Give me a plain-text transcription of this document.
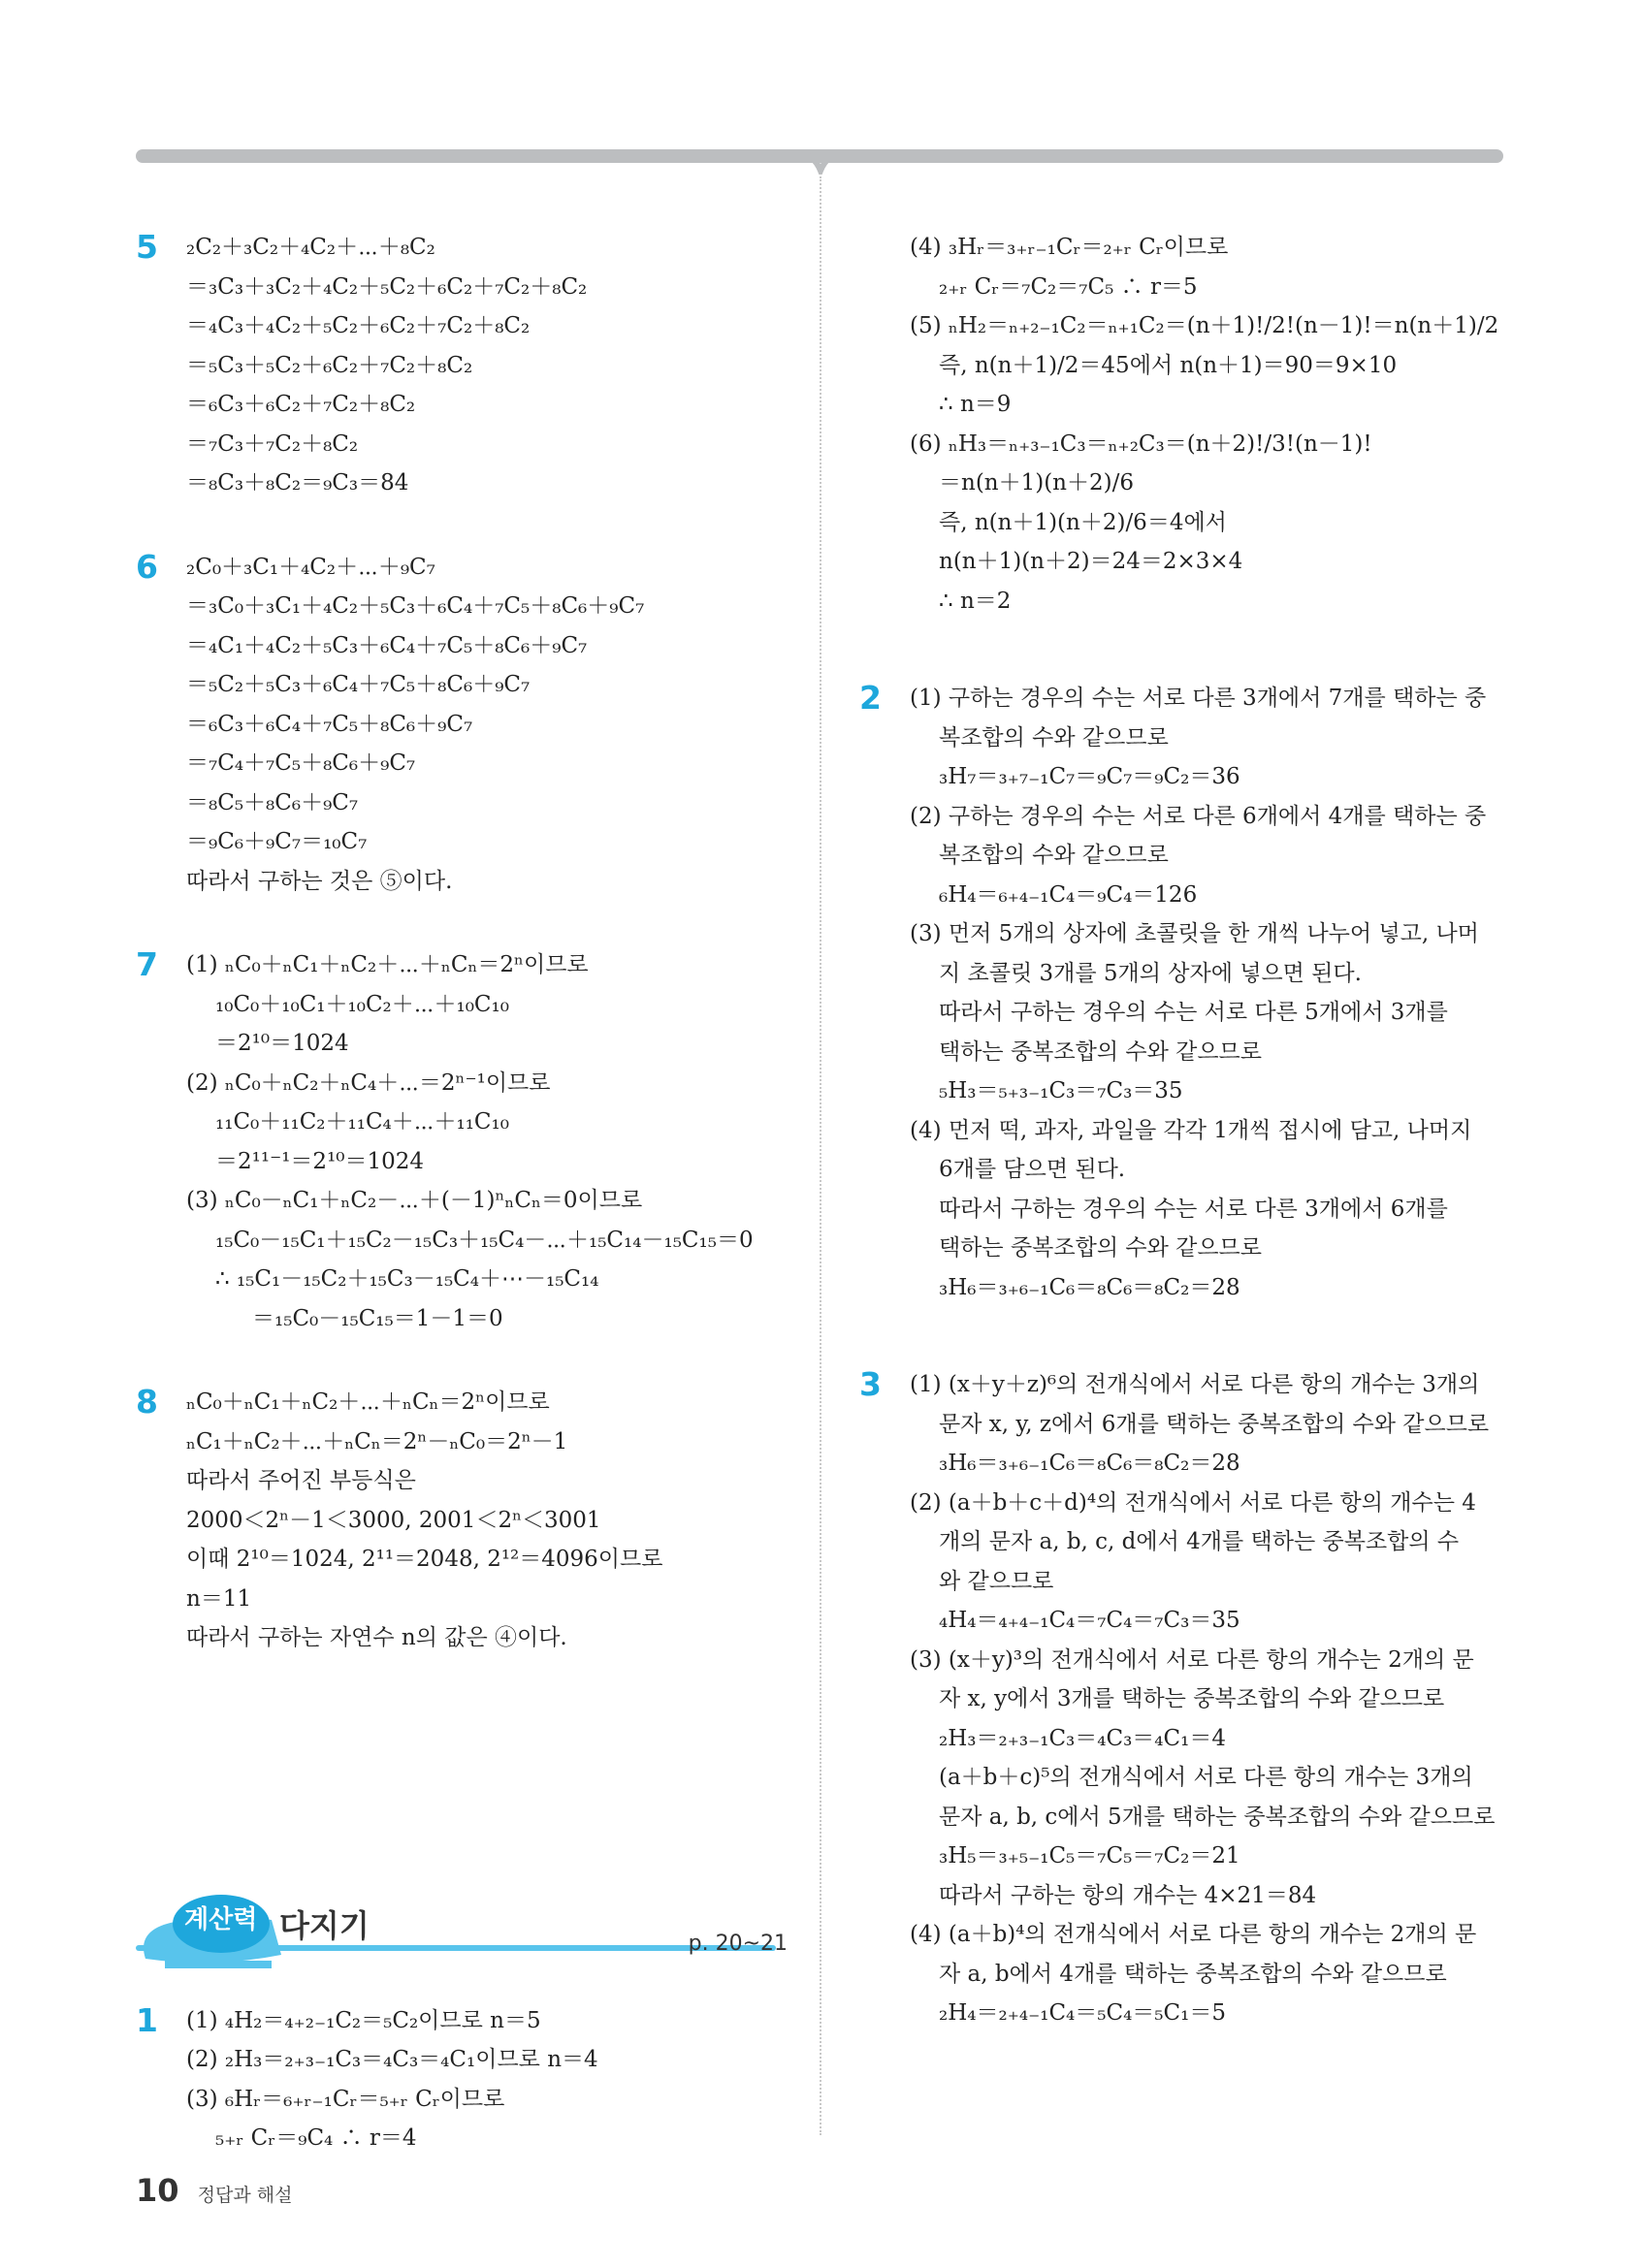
5 ₂C₂＋₃C₂＋₄C₂＋⋯＋₈C₂
＝₃C₃＋₃C₂＋₄C₂＋₅C₂＋₆C₂＋₇C₂＋₈C₂
＝₄C₃＋₄C₂＋₅C₂＋₆C₂＋₇C₂＋₈C₂
＝₅C₃＋₅C₂＋₆C₂＋₇C₂＋₈C₂
＝₆C₃＋₆C₂＋₇C₂＋₈C₂
＝₇C₃＋₇C₂＋₈C₂
＝₈C₃＋₈C₂＝₉C₃＝84
6 ₂C₀＋₃C₁＋₄C₂＋⋯＋₉C₇
＝₃C₀＋₃C₁＋₄C₂＋₅C₃＋₆C₄＋₇C₅＋₈C₆＋₉C₇
＝₄C₁＋₄C₂＋₅C₃＋₆C₄＋₇C₅＋₈C₆＋₉C₇
＝₅C₂＋₅C₃＋₆C₄＋₇C₅＋₈C₆＋₉C₇
＝₆C₃＋₆C₄＋₇C₅＋₈C₆＋₉C₇
＝₇C₄＋₇C₅＋₈C₆＋₉C₇
＝₈C₅＋₈C₆＋₉C₇
＝₉C₆＋₉C₇＝₁₀C₇
따라서 구하는 것은 ⑤이다.
7 (1) ₙC₀＋ₙC₁＋ₙC₂＋⋯＋ₙCₙ＝2ⁿ이므로
₁₀C₀＋₁₀C₁＋₁₀C₂＋⋯＋₁₀C₁₀
＝2¹⁰＝1024
(2) ₙC₀＋ₙC₂＋ₙC₄＋⋯＝2ⁿ⁻¹이므로
₁₁C₀＋₁₁C₂＋₁₁C₄＋⋯＋₁₁C₁₀
＝2¹¹⁻¹＝2¹⁰＝1024
(3) ₙC₀－ₙC₁＋ₙC₂－⋯＋(－1)ⁿₙCₙ＝0이므로
₁₅C₀－₁₅C₁＋₁₅C₂－₁₅C₃＋₁₅C₄－⋯＋₁₅C₁₄－₁₅C₁₅＝0
∴ ₁₅C₁－₁₅C₂＋₁₅C₃－₁₅C₄＋⋯－₁₅C₁₄
＝₁₅C₀－₁₅C₁₅＝1－1＝0
8 ₙC₀＋ₙC₁＋ₙC₂＋⋯＋ₙCₙ＝2ⁿ이므로
ₙC₁＋ₙC₂＋⋯＋ₙCₙ＝2ⁿ－ₙC₀＝2ⁿ－1
따라서 주어진 부등식은
2000＜2ⁿ－1＜3000, 2001＜2ⁿ＜3001
이때 2¹⁰＝1024, 2¹¹＝2048, 2¹²＝4096이므로
n＝11
따라서 구하는 자연수 n의 값은 ④이다.
계산력 다지기	p. 20~21
1 (1) ₄H₂＝₄₊₂₋₁C₂＝₅C₂이므로 n＝5
(2) ₂H₃＝₂₊₃₋₁C₃＝₄C₃＝₄C₁이므로 n＝4
(3) ₆Hᵣ＝₆₊ᵣ₋₁Cᵣ＝₅₊ᵣ Cᵣ이므로
₅₊ᵣ Cᵣ＝₉C₄ ∴ r＝4
(4) ₃Hᵣ＝₃₊ᵣ₋₁Cᵣ＝₂₊ᵣ Cᵣ이므로
₂₊ᵣ Cᵣ＝₇C₂＝₇C₅ ∴ r＝5
(5) ₙH₂＝ₙ₊₂₋₁C₂＝ₙ₊₁C₂＝(n＋1)!/2!(n－1)!＝n(n＋1)/2
즉, n(n＋1)/2＝45에서 n(n＋1)＝90＝9×10
∴ n＝9
(6) ₙH₃＝ₙ₊₃₋₁C₃＝ₙ₊₂C₃＝(n＋2)!/3!(n－1)!
＝n(n＋1)(n＋2)/6
즉, n(n＋1)(n＋2)/6＝4에서
n(n＋1)(n＋2)＝24＝2×3×4
∴ n＝2
2 (1) 구하는 경우의 수는 서로 다른 3개에서 7개를 택하는 중
복조합의 수와 같으므로
₃H₇＝₃₊₇₋₁C₇＝₉C₇＝₉C₂＝36
(2) 구하는 경우의 수는 서로 다른 6개에서 4개를 택하는 중
복조합의 수와 같으므로
₆H₄＝₆₊₄₋₁C₄＝₉C₄＝126
(3) 먼저 5개의 상자에 초콜릿을 한 개씩 나누어 넣고, 나머
지 초콜릿 3개를 5개의 상자에 넣으면 된다.
따라서 구하는 경우의 수는 서로 다른 5개에서 3개를
택하는 중복조합의 수와 같으므로
₅H₃＝₅₊₃₋₁C₃＝₇C₃＝35
(4) 먼저 떡, 과자, 과일을 각각 1개씩 접시에 담고, 나머지
6개를 담으면 된다.
따라서 구하는 경우의 수는 서로 다른 3개에서 6개를
택하는 중복조합의 수와 같으므로
₃H₆＝₃₊₆₋₁C₆＝₈C₆＝₈C₂＝28
3 (1) (x＋y＋z)⁶의 전개식에서 서로 다른 항의 개수는 3개의
문자 x, y, z에서 6개를 택하는 중복조합의 수와 같으므로
₃H₆＝₃₊₆₋₁C₆＝₈C₆＝₈C₂＝28
(2) (a＋b＋c＋d)⁴의 전개식에서 서로 다른 항의 개수는 4
개의 문자 a, b, c, d에서 4개를 택하는 중복조합의 수
와 같으므로
₄H₄＝₄₊₄₋₁C₄＝₇C₄＝₇C₃＝35
(3) (x＋y)³의 전개식에서 서로 다른 항의 개수는 2개의 문
자 x, y에서 3개를 택하는 중복조합의 수와 같으므로
₂H₃＝₂₊₃₋₁C₃＝₄C₃＝₄C₁＝4
(a＋b＋c)⁵의 전개식에서 서로 다른 항의 개수는 3개의
문자 a, b, c에서 5개를 택하는 중복조합의 수와 같으므로
₃H₅＝₃₊₅₋₁C₅＝₇C₅＝₇C₂＝21
따라서 구하는 항의 개수는 4×21＝84
(4) (a＋b)⁴의 전개식에서 서로 다른 항의 개수는 2개의 문
자 a, b에서 4개를 택하는 중복조합의 수와 같으므로
₂H₄＝₂₊₄₋₁C₄＝₅C₄＝₅C₁＝5
10 정답과 해설
